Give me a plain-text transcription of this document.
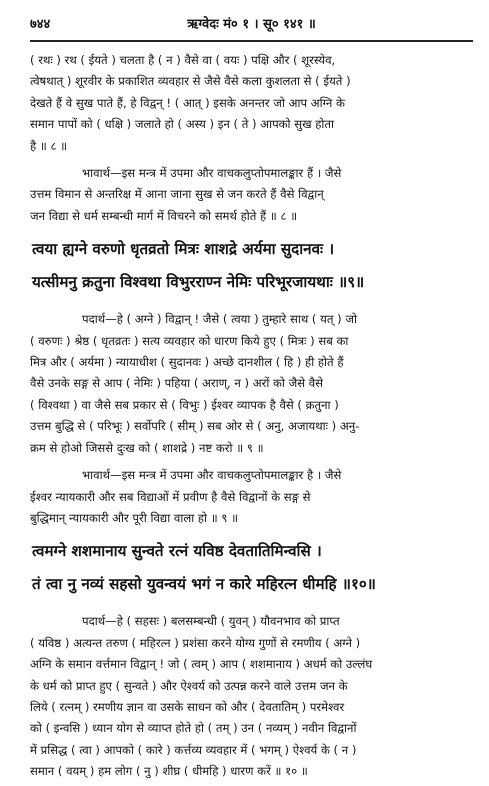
७४४	ऋग्वेदः मं० १ । सू० १४१ ॥

( रथः ) रथ ( ईयते ) चलता है ( न ) वैसे वा ( वयः ) पक्षि और ( शूरस्येव,

त्वेषथात् ) शूरवीर के प्रकाशित व्यवहार से जैसे वैसे कला कुशलता से ( ईयते )

देखते हैं वे सुख पाते हैं, हे विद्वन् ! ( आत् ) इसके अनन्तर जो आप अग्नि के

समान पापों को ( धक्षि ) जलाते हो ( अस्य ) इन ( ते ) आपको सुख होता

है ॥ ८ ॥

भावार्थ—इस मन्त्र में उपमा और वाचकलुप्तोपमालङ्कार हैं । जैसे

उत्तम विमान से अन्तरिक्ष में आना जाना सुख से जन करते हैं वैसे विद्वान्

जन विद्या से धर्म सम्बन्धी मार्ग में विचरने को समर्थ होते हैं ॥ ८ ॥

त्वया ह्यग्ने वरुणो धृतव्रतो मित्रः शाशद्रे अर्यमा सुदानवः ।

यत्सीमनु क्रतुना विश्वथा विभुरराण्न नेमिः परिभूरजायथाः ॥९॥

पदार्थ—हे ( अग्ने ) विद्वान् ! जैसे ( त्वया ) तुम्हारे साथ ( यत् ) जो

( वरुणः ) श्रेष्ठ ( धृतव्रतः ) सत्य व्यवहार को धारण किये हुए ( मित्रः ) सब का

मित्र और ( अर्यमा ) न्यायाधीश ( सुदानवः ) अच्छे दानशील ( हि ) ही होते हैं

वैसे उनके सङ्ग से आप ( नेमिः ) पहिया ( अराण्, न ) अरों को जैसे वैसे

( विश्वथा ) वा जैसे सब प्रकार से ( विभुः ) ईश्वर व्यापक है वैसे ( क्रतुना )

उत्तम बुद्धि से ( परिभूः ) सर्वोपरि ( सीम् ) सब ओर से ( अनु, अजायथाः ) अनु-

क्रम से होओ जिससे दुःख को ( शाशद्रे ) नष्ट करो ॥ ९ ॥

भावार्थ—इस मन्त्र में उपमा और वाचकलुप्तोपमालङ्कार है । जैसे

ईश्वर न्यायकारी और सब विद्याओं में प्रवीण है वैसे विद्वानों के सङ्ग से

बुद्धिमान् न्यायकारी और पूरी विद्या वाला हो ॥ ९ ॥

त्वमग्ने शशमानाय सुन्वते रत्नं यविष्ठ देवतातिमिन्वसि ।

तं त्वा नु नव्यं सहसो युवन्वयं भगं न कारे महिरत्न धीमहि ॥१०॥

पदार्थ—हे ( सहसः ) बलसम्बन्धी ( युवन् ) यौवनभाव को प्राप्त

( यविष्ठ ) अत्यन्त तरुण ( महिरत्न ) प्रशंसा करने योग्य गुणों से रमणीय ( अग्ने )

अग्नि के समान वर्त्तमान विद्वान् ! जो ( त्वम् ) आप ( शशमानाय ) अधर्म को उल्लंघ

के धर्म को प्राप्त हुए ( सुन्वते ) और ऐश्वर्य को उत्पन्न करने वाले उत्तम जन के

लिये ( रत्नम् ) रमणीय ज्ञान वा उसके साधन को और ( देवतातिम् ) परमेश्वर

को ( इन्वसि ) ध्यान योग से व्याप्त होते हो ( तम् ) उन ( नव्यम् ) नवीन विद्वानों

में प्रसिद्ध ( त्वा ) आपको ( कारे ) कर्त्तव्य व्यवहार में ( भगम् ) ऐश्वर्य के ( न )

समान ( वयम् ) हम लोग ( नु ) शीघ्र ( धीमहि ) धारण करें ॥ १० ॥
